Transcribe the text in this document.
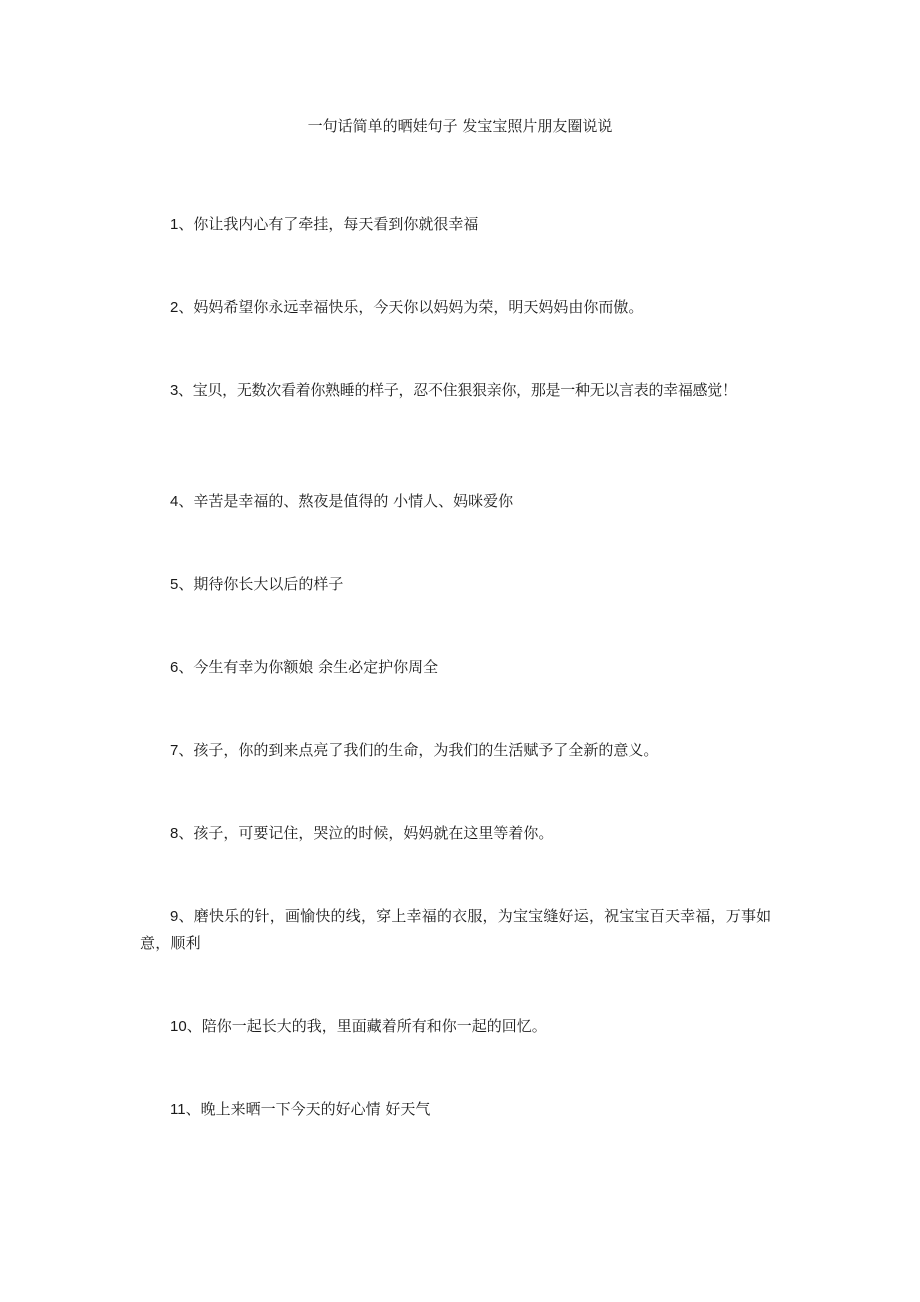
一句话简单的晒娃句子 发宝宝照片朋友圈说说
1、你让我内心有了牵挂，每天看到你就很幸福
2、妈妈希望你永远幸福快乐，今天你以妈妈为荣，明天妈妈由你而傲。
3、宝贝，无数次看着你熟睡的样子，忍不住狠狠亲你，那是一种无以言表的幸福感觉！
4、辛苦是幸福的、熬夜是值得的 小情人、妈咪爱你
5、期待你长大以后的样子
6、今生有幸为你额娘 余生必定护你周全
7、孩子，你的到来点亮了我们的生命，为我们的生活赋予了全新的意义。
8、孩子，可要记住，哭泣的时候，妈妈就在这里等着你。
9、磨快乐的针，画愉快的线，穿上幸福的衣服，为宝宝缝好运，祝宝宝百天幸福，万事如意，顺利
10、陪你一起长大的我，里面藏着所有和你一起的回忆。
11、晚上来晒一下今天的好心情 好天气
